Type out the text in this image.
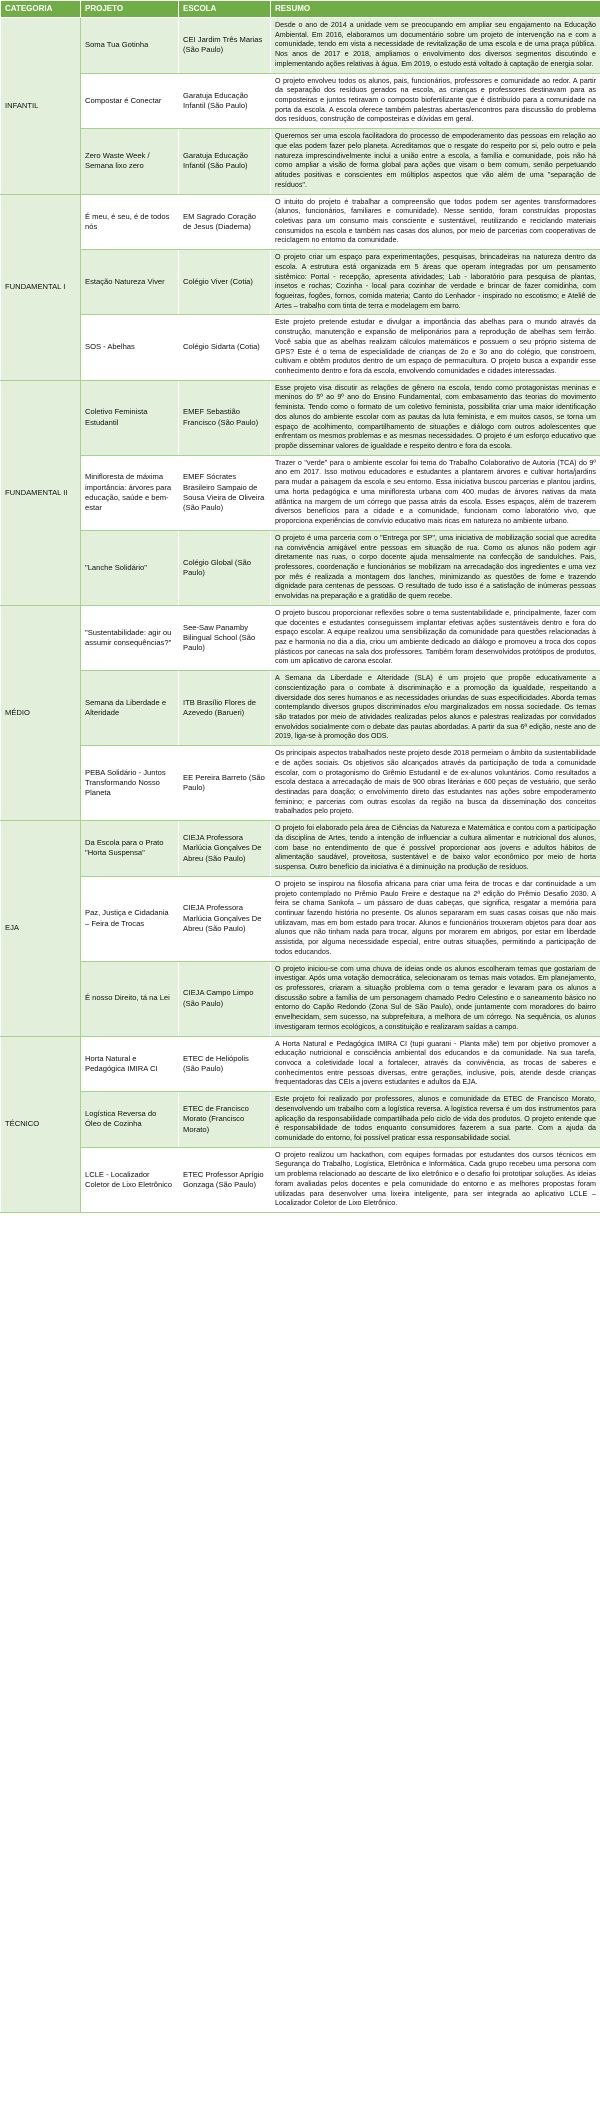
CATEGORIA	PROJETO	ESCOLA	RESUMO
INFANTIL	Soma Tua Gotinha	CEI Jardim Três Marias (São Paulo)	Desde o ano de 2014 a unidade vem se preocupando em ampliar seu engajamento na Educação Ambiental. Em 2016, elaboramos um documentário sobre um projeto de intervenção na e com a comunidade, tendo em vista a necessidade de revitalização de uma escola e de uma praça pública. Nos anos de 2017 e 2018, ampliamos o envolvimento dos diversos segmentos discutindo e implementando ações relativas à água. Em 2019, o estudo está voltado à captação de energia solar.
	Compostar é Conectar	Garatuja Educação Infantil (São Paulo)	O projeto envolveu todos os alunos, pais, funcionários, professores e comunidade ao redor. A partir da separação dos resíduos gerados na escola, as crianças e professores destinavam para as composteiras e juntos retiravam o composto biofertilizante que é distribuído para a comunidade na porta da escola. A escola oferece também palestras abertas/encontros para discussão do problema dos resíduos, construção de composteiras e dúvidas em geral.
	Zero Waste Week / Semana lixo zero	Garatuja Educação Infantil (São Paulo)	Queremos ser uma escola facilitadora do processo de empoderamento das pessoas em relação ao que elas podem fazer pelo planeta. Acreditamos que o resgate do respeito por si, pelo outro e pela natureza imprescindivelmente inclui a união entre a escola, a família e comunidade, pois não há como ampliar a visão de forma global para ações que visam o bem comum, senão perpetuando atitudes positivas e conscientes em múltiplos aspectos que vão além de uma "separação de resíduos".
FUNDAMENTAL I	É meu, é seu, é de todos nós	EM Sagrado Coração de Jesus (Diadema)	O intuito do projeto é trabalhar a compreensão que todos podem ser agentes transformadores (alunos, funcionários, familiares e comunidade). Nesse sentido, foram construídas propostas coletivas para um consumo mais consciente e sustentável, reutilizando e reciclando materiais consumidos na escola e também nas casas dos alunos, por meio de parcerias com cooperativas de reciclagem no entorno da comunidade.
	Estação Natureza Viver	Colégio Viver (Cotia)	O projeto criar um espaço para experimentações, pesquisas, brincadeiras na natureza dentro da escola. A estrutura está organizada em 5 áreas que operam integradas por um pensamento sistêmico: Portal - recepção, apresenta atividades; Lab - laboratório para pesquisa de plantas, insetos e rochas; Cozinha - local para cozinhar de verdade e brincar de fazer comidinha, com fogueiras, fogões, fornos, comida materia; Canto do Lenhador - inspirado no escotismo; e Ateliê de Artes – trabalho com tinta de terra e modelagem em barro.
	SOS - Abelhas	Colégio Sidarta (Cotia)	Este projeto pretende estudar e divulgar a importância das abelhas para o mundo através da construção, manutenção e expansão de meliponários para a reprodução de abelhas sem ferrão. Você sabia que as abelhas realizam cálculos matemáticos e possuem o seu próprio sistema de GPS? Este é o tema de especialidade de crianças de 2o e 3o ano do colégio, que constroem, cultivam e obtêm produtos dentro de um espaço de permacultura. O projeto busca a expandir esse conhecimento dentro e fora da escola, envolvendo comunidades e cidades interessadas.
FUNDAMENTAL II	Coletivo Feminista Estudantil	EMEF Sebastião Francisco (São Paulo)	Esse projeto visa discutir as relações de gênero na escola, tendo como protagonistas meninas e meninos do 5º ao 9º ano do Ensino Fundamental, com embasamento das teorias do movimento feminista. Tendo como o formato de um coletivo feminista, possibilita criar uma maior identificação dos alunos do ambiente escolar com as pautas da luta feminista, e em muitos casos, se torna um espaço de acolhimento, compartilhamento de situações e diálogo com outros adolescentes que enfrentam os mesmos problemas e as mesmas necessidades. O projeto é um esforço educativo que propõe disseminar valores de igualdade e respeito dentro e fora da escola.
	Minifloresta de máxima importância: árvores para educação, saúde e bem-estar	EMEF Sócrates Brasileiro Sampaio de Sousa Vieira de Oliveira (São Paulo)	Trazer o "verde" para o ambiente escolar foi tema do Trabalho Colaborativo de Autoria (TCA) do 9º ano em 2017. Isso motivou educadores e estudantes a plantarem árvores e cultivar horta/jardins para mudar a paisagem da escola e seu entorno. Essa iniciativa buscou parcerias e plantou jardins, uma horta pedagógica e uma minifloresta urbana com 400 mudas de árvores nativas da mata atlântica na margem de um córrego que passa atrás da escola. Esses espaços, além de trazerem diversos benefícios para a cidade e a comunidade, funcionam como laboratório vivo, que proporciona experiências de convívio educativo mais ricas em natureza no ambiente urbano.
	"Lanche Solidário"	Colégio Global (São Paulo)	O projeto é uma parceria com o "Entrega por SP", uma iniciativa de mobilização social que acredita na convivência amigável entre pessoas em situação de rua. Como os alunos não podem agir diretamente nas ruas, o corpo docente ajuda mensalmente na confecção de sanduíches. Pais, professores, coordenação e funcionários se mobilizam na arrecadação dos ingredientes e uma vez por mês é realizada a montagem dos lanches, minimizando as questões de fome e trazendo dignidade para centenas de pessoas. O resultado de tudo isso é a satisfação de inúmeras pessoas envolvidas na preparação e a gratidão de quem recebe.
MÉDIO	"Sustentabilidade: agir ou assumir consequências?"	See-Saw Panamby Bilingual School (São Paulo)	O projeto buscou proporcionar reflexões sobre o tema sustentabilidade e, principalmente, fazer com que docentes e estudantes conseguissem implantar efetivas ações sustentáveis dentro e fora do espaço escolar. A equipe realizou uma sensibilização da comunidade para questões relacionadas à paz e harmonia no dia a dia, criou um ambiente dedicado ao diálogo e promoveu a troca dos copos plásticos por canecas na sala dos professores. Também foram desenvolvidos protótipos de produtos, com um aplicativo de carona escolar.
	Semana da Liberdade e Alteridade	ITB Brasílio Flores de Azevedo (Barueri)	A Semana da Liberdade e Alteridade (SLA) é um projeto que propõe educativamente a conscientização para o combate à discriminação e a promoção da igualdade, respeitando a diversidade dos seres humanos e as necessidades oriundas de suas especificidades. Aborda temas contemplando diversos grupos discriminados e/ou marginalizados em nossa sociedade. Os temas são tratados por meio de atividades realizadas pelos alunos e palestras realizadas por convidados envolvidos socialmente com o debate das pautas abordadas. A partir da sua 6ª edição, neste ano de 2019, liga-se à promoção dos ODS.
	PEBA Solidário - Juntos Transformando Nosso Planeta	EE Pereira Barreto (São Paulo)	Os principais aspectos trabalhados neste projeto desde 2018 permeiam o âmbito da sustentabilidade e de ações sociais. Os objetivos são alcançados através da participação de toda a comunidade escolar, com o protagonismo do Grêmio Estudantil e de ex-alunos voluntários. Como resultados a escola destaca a arrecadação de mais de 900 obras literárias e 600 peças de vestuário, que serão destinadas para doação; o envolvimento direto das estudantes nas ações sobre empoderamento feminino; e parcerias com outras escolas da região na busca da disseminação dos conceitos trabalhados pelo projeto.
EJA	Da Escola para o Prato "Horta Suspensa"	CIEJA Professora Marlúcia Gonçalves De Abreu (São Paulo)	O projeto foi elaborado pela área de Ciências da Natureza e Matemática e contou com a participação da disciplina de Artes, tendo a intenção de influenciar a cultura alimentar e nutricional dos alunos, com base no entendimento de que é possível proporcionar aos jovens e adultos hábitos de alimentação saudável, proveitosa, sustentável e de baixo valor econômico por meio de horta suspensa. Outro benefício da iniciativa é a diminuição na produção de resíduos.
	Paz, Justiça e Cidadania – Feira de Trocas	CIEJA Professora Marlúcia Gonçalves De Abreu (São Paulo)	O projeto se inspirou na filosofia africana para criar uma feira de trocas e dar continuidade a um projeto contemplado no Prêmio Paulo Freire e destaque na 2ª edição do Prêmio Desafio 2030. A feira se chama Sankofa – um pássaro de duas cabeças, que significa, resgatar a memória para continuar fazendo história no presente. Os alunos separaram em suas casas coisas que não mais utilizavam, mas em bom estado para trocar. Alunos e funcionários trouxeram objetos para doar aos alunos que não tinham nada para trocar, alguns por morarem em abrigos, por estar em liberdade assistida, por alguma necessidade especial, entre outras situações, permitindo a participação de todos educandos.
	É nosso Direito, tá na Lei	CIEJA Campo Limpo (São Paulo)	O projeto iniciou-se com uma chuva de ideias onde os alunos escolheram temas que gostariam de investigar. Após uma votação democrática, selecionaram os temas mais votados. Em planejamento, os professores, criaram a situação problema com o tema gerador e levaram para os alunos a discussão sobre a família de um personagem chamado Pedro Celestino e o saneamento básico no entorno do Capão Redondo (Zona Sul de São Paulo), onde juntamente com moradores do bairro envelhecidam, sem sucesso, na subprefeitura, a melhora de um córrego. Na sequência, os alunos investigaram termos ecológicos, a constituição e realizaram saídas a campo.
TÉCNICO	Horta Natural e Pedagógica IMIRA CI	ETEC de Heliópolis (São Paulo)	A Horta Natural e Pedagógica IMIRA CI (tupi guarani - Planta mãe) tem por objetivo promover a educação nutricional e consciência ambiental dos educandos e da comunidade. Na sua tarefa, convoca a coletividade local a fortalecer, através da convivência, as trocas de saberes e conhecimentos entre pessoas diversas, entre gerações, inclusive, pois, atende desde crianças frequentadoras das CEIs a jovens estudantes e adultos da EJA.
	Logística Reversa do Óleo de Cozinha	ETEC de Francisco Morato (Francisco Morato)	Este projeto foi realizado por professores, alunos e comunidade da ETEC de Francisco Morato, desenvolvendo um trabalho com a logística reversa. A logística reversa é um dos instrumentos para aplicação da responsabilidade compartilhada pelo ciclo de vida dos produtos. O projeto entende que é responsabilidade de todos enquanto consumidores fazerem a sua parte. Com a ajuda da comunidade do entorno, foi possível praticar essa responsabilidade social.
	LCLE - Localizador Coletor de Lixo Eletrônico	ETEC Professor Aprígio Gonzaga (São Paulo)	O projeto realizou um hackathon, com equipes formadas por estudantes dos cursos técnicos em Segurança do Trabalho, Logística, Eletrônica e Informática. Cada grupo recebeu uma persona com um problema relacionado ao descarte de lixo eletrônico e o desafio foi prototipar soluções. As ideias foram avaliadas pelos docentes e pela comunidade do entorno e as melhores propostas foram utilizadas para desenvolver uma lixeira inteligente, para ser integrada ao aplicativo LCLE – Localizador Coletor de Lixo Eletrônico.
